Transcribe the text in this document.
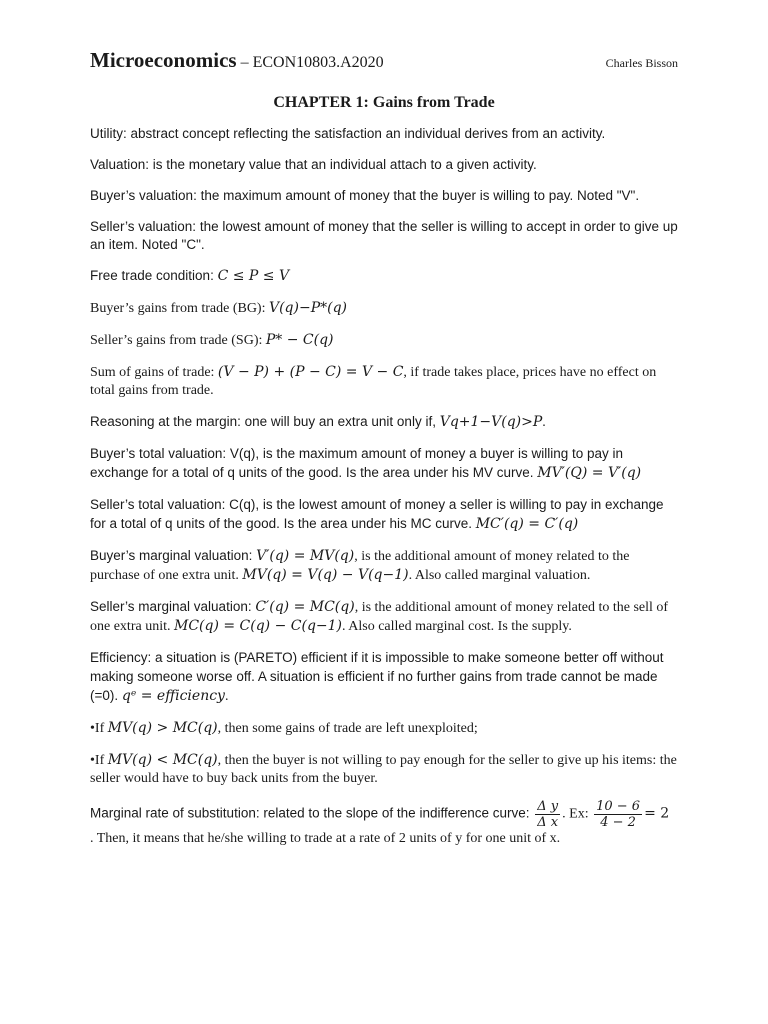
Microeconomics – ECON10803.A2020	Charles Bisson
CHAPTER 1: Gains from Trade

Utility: abstract concept reflecting the satisfaction an individual derives from an activity.

Valuation: is the monetary value that an individual attach to a given activity.

Buyer’s valuation: the maximum amount of money that the buyer is willing to pay. Noted "V".

Seller’s valuation: the lowest amount of money that the seller is willing to accept in order to give up an item. Noted "C".

Free trade condition: C ≤ P ≤ V

Buyer’s gains from trade (BG): V(q)−P*(q)

Seller’s gains from trade (SG): P* − C(q)

Sum of gains of trade: (V − P) + (P − C) = V − C, if trade takes place, prices have no effect on total gains from trade.

Reasoning at the margin: one will buy an extra unit only if, Vq+1−V(q)>P.

Buyer’s total valuation: V(q), is the maximum amount of money a buyer is willing to pay in exchange for a total of q units of the good. Is the area under his MV curve. MV′(Q) = V′(q)

Seller’s total valuation: C(q), is the lowest amount of money a seller is willing to pay in exchange for a total of q units of the good. Is the area under his MC curve. MC′(q) = C′(q)

Buyer’s marginal valuation: V′(q) = MV(q), is the additional amount of money related to the purchase of one extra unit. MV(q) = V(q) − V(q−1). Also called marginal valuation.

Seller’s marginal valuation: C′(q) = MC(q), is the additional amount of money related to the sell of one extra unit. MC(q) = C(q) − C(q−1). Also called marginal cost. Is the supply.

Efficiency: a situation is (PARETO) efficient if it is impossible to make someone better off without making someone worse off. A situation is efficient if no further gains from trade cannot be made (=0). qᵉ = efficiency.

•If MV(q) > MC(q), then some gains of trade are left unexploited;

•If MV(q) < MC(q), then the buyer is not willing to pay enough for the seller to give up his items: the seller would have to buy back units from the buyer.

Marginal rate of substitution: related to the slope of the indifference curve: $\frac{\text{Δ y}}{\text{Δ x}}$ . Ex: $\frac{10 - 6}{4 - 2} = 2$
. Then, it means that he/she willing to trade at a rate of 2 units of y for one unit of x.
